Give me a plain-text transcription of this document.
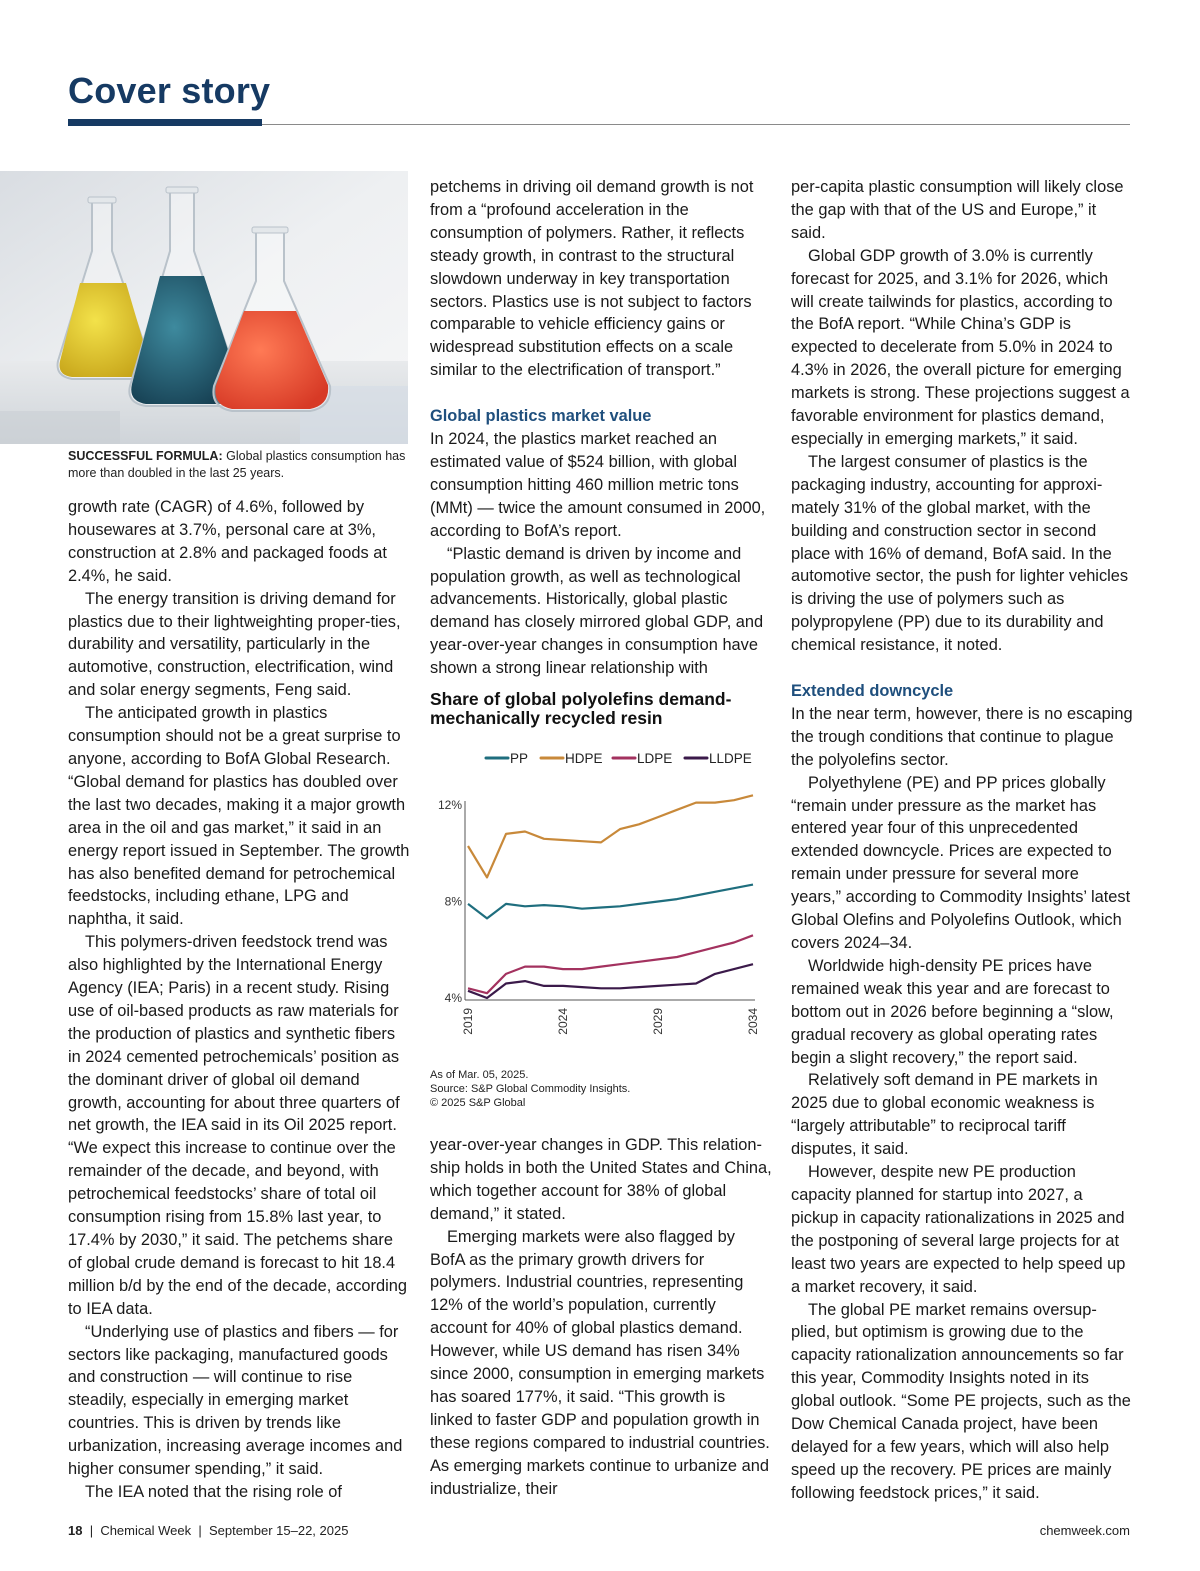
Cover story
SUCCESSFUL FORMULA: Global plastics consumption has more than doubled in the last 25 years.

growth rate (CAGR) of 4.6%, followed by housewares at 3.7%, personal care at 3%, construction at 2.8% and packaged foods at 2.4%, he said.

The energy transition is driving demand for plastics due to their lightweighting proper-ties, durability and versatility, particularly in the automotive, construction, electrification, wind and solar energy segments, Feng said.

The anticipated growth in plastics consumption should not be a great surprise to anyone, according to BofA Global Research. “Global demand for plastics has doubled over the last two decades, making it a major growth area in the oil and gas market,” it said in an energy report issued in September. The growth has also benefited demand for petrochemical feedstocks, including ethane, LPG and naphtha, it said.

This polymers-driven feedstock trend was also highlighted by the International Energy Agency (IEA; Paris) in a recent study. Rising use of oil-based products as raw materials for the production of plastics and synthetic fibers in 2024 cemented petrochemicals’ position as the dominant driver of global oil demand growth, accounting for about three quarters of net growth, the IEA said in its Oil 2025 report. “We expect this increase to continue over the remainder of the decade, and beyond, with petrochemical feedstocks’ share of total oil consumption rising from 15.8% last year, to 17.4% by 2030,” it said. The petchems share of global crude demand is forecast to hit 18.4 million b/d by the end of the decade, according to IEA data.

“Underlying use of plastics and fibers — for sectors like packaging, manufactured goods and construction — will continue to rise steadily, especially in emerging market countries. This is driven by trends like urbanization, increasing average incomes and higher consumer spending,” it said.

The IEA noted that the rising role of

petchems in driving oil demand growth is not from a “profound acceleration in the consumption of polymers. Rather, it reflects steady growth, in contrast to the structural slowdown underway in key transportation sectors. Plastics use is not subject to factors comparable to vehicle efficiency gains or widespread substitution effects on a scale similar to the electrification of transport.”

Global plastics market value

In 2024, the plastics market reached an estimated value of $524 billion, with global consumption hitting 460 million metric tons (MMt) — twice the amount consumed in 2000, according to BofA’s report.

“Plastic demand is driven by income and population growth, as well as technological advancements. Historically, global plastic demand has closely mirrored global GDP, and year-over-year changes in consumption have shown a strong linear relationship with

Share of global polyolefins demand-mechanically recycled resin
12%
8%
4%
2019	2024	2029	2034
PP	HDPE	LDPE	LLDPE
As of Mar. 05, 2025.
Source: S&P Global Commodity Insights.
© 2025 S&P Global

year-over-year changes in GDP. This relation-ship holds in both the United States and China, which together account for 38% of global demand,” it stated.

Emerging markets were also flagged by BofA as the primary growth drivers for polymers. Industrial countries, representing 12% of the world’s population, currently account for 40% of global plastics demand. However, while US demand has risen 34% since 2000, consumption in emerging markets has soared 177%, it said. “This growth is linked to faster GDP and population growth in these regions compared to industrial countries. As emerging markets continue to urbanize and industrialize, their

per-capita plastic consumption will likely close the gap with that of the US and Europe,” it said.

Global GDP growth of 3.0% is currently forecast for 2025, and 3.1% for 2026, which will create tailwinds for plastics, according to the BofA report. “While China’s GDP is expected to decelerate from 5.0% in 2024 to 4.3% in 2026, the overall picture for emerging markets is strong. These projections suggest a favorable environment for plastics demand, especially in emerging markets,” it said.

The largest consumer of plastics is the packaging industry, accounting for approxi-mately 31% of the global market, with the building and construction sector in second place with 16% of demand, BofA said. In the automotive sector, the push for lighter vehicles is driving the use of polymers such as polypropylene (PP) due to its durability and chemical resistance, it noted.

Extended downcycle

In the near term, however, there is no escaping the trough conditions that continue to plague the polyolefins sector.

Polyethylene (PE) and PP prices globally “remain under pressure as the market has entered year four of this unprecedented extended downcycle. Prices are expected to remain under pressure for several more years,” according to Commodity Insights’ latest Global Olefins and Polyolefins Outlook, which covers 2024–34.

Worldwide high-density PE prices have remained weak this year and are forecast to bottom out in 2026 before beginning a “slow, gradual recovery as global operating rates begin a slight recovery,” the report said.

Relatively soft demand in PE markets in 2025 due to global economic weakness is “largely attributable” to reciprocal tariff disputes, it said.

However, despite new PE production capacity planned for startup into 2027, a pickup in capacity rationalizations in 2025 and the postponing of several large projects for at least two years are expected to help speed up a market recovery, it said.

The global PE market remains oversup-plied, but optimism is growing due to the capacity rationalization announcements so far this year, Commodity Insights noted in its global outlook. “Some PE projects, such as the Dow Chemical Canada project, have been delayed for a few years, which will also help speed up the recovery. PE prices are mainly following feedstock prices,” it said.

18  |  Chemical Week  |  September 15–22, 2025	chemweek.com
